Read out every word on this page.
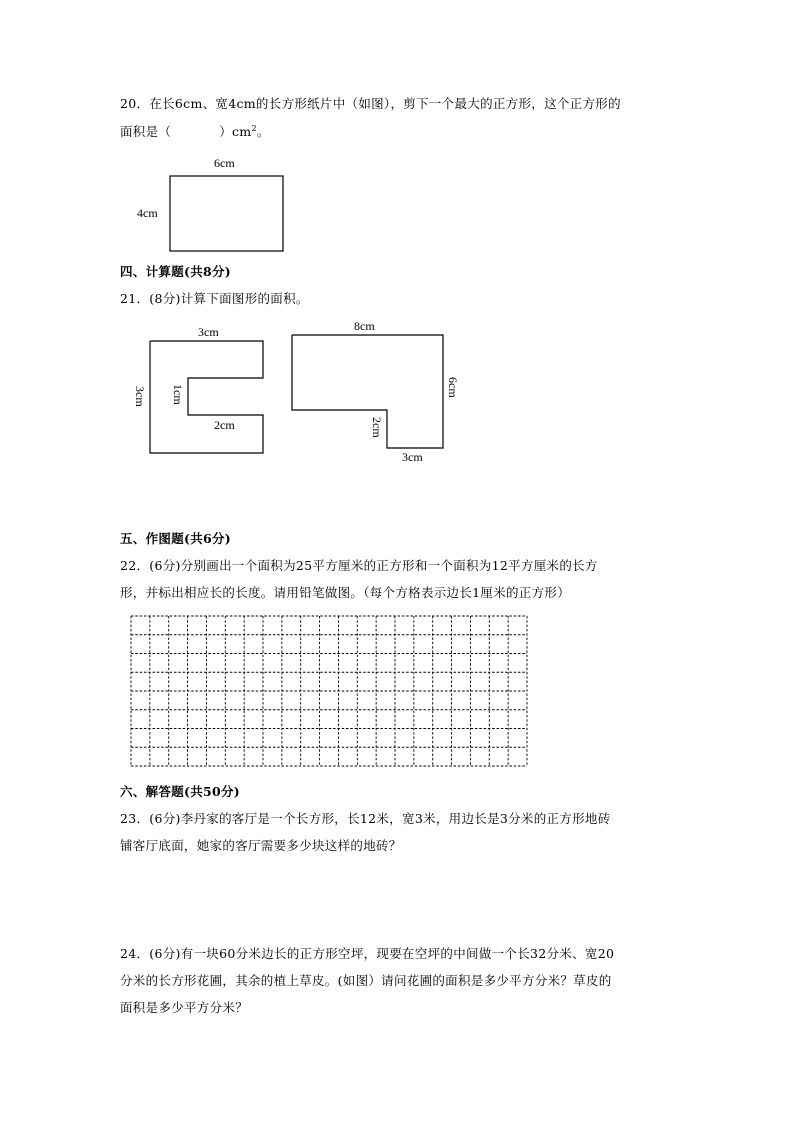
20．在长6cm、宽4cm的长方形纸片中（如图），剪下一个最大的正方形，这个正方形的
面积是（	）$cm^2$。
6cm
4cm
四、计算题(共8分)
21．(8分)计算下面图形的面积。
3cm
3cm 1cm
2cm
8cm
6cm
2cm
3cm
五、作图题(共6分)
22．(6分)分别画出一个面积为25平方厘米的正方形和一个面积为12平方厘米的长方
形，并标出相应长的长度。请用铅笔做图。（每个方格表示边长1厘米的正方形）
六、解答题(共50分)
23．(6分)李丹家的客厅是一个长方形，长12米，宽3米，用边长是3分米的正方形地砖
铺客厅底面，她家的客厅需要多少块这样的地砖？
24．(6分)有一块60分米边长的正方形空坪，现要在空坪的中间做一个长32分米、宽20
分米的长方形花圃，其余的植上草皮。(如图）请问花圃的面积是多少平方分米？草皮的
面积是多少平方分米？
